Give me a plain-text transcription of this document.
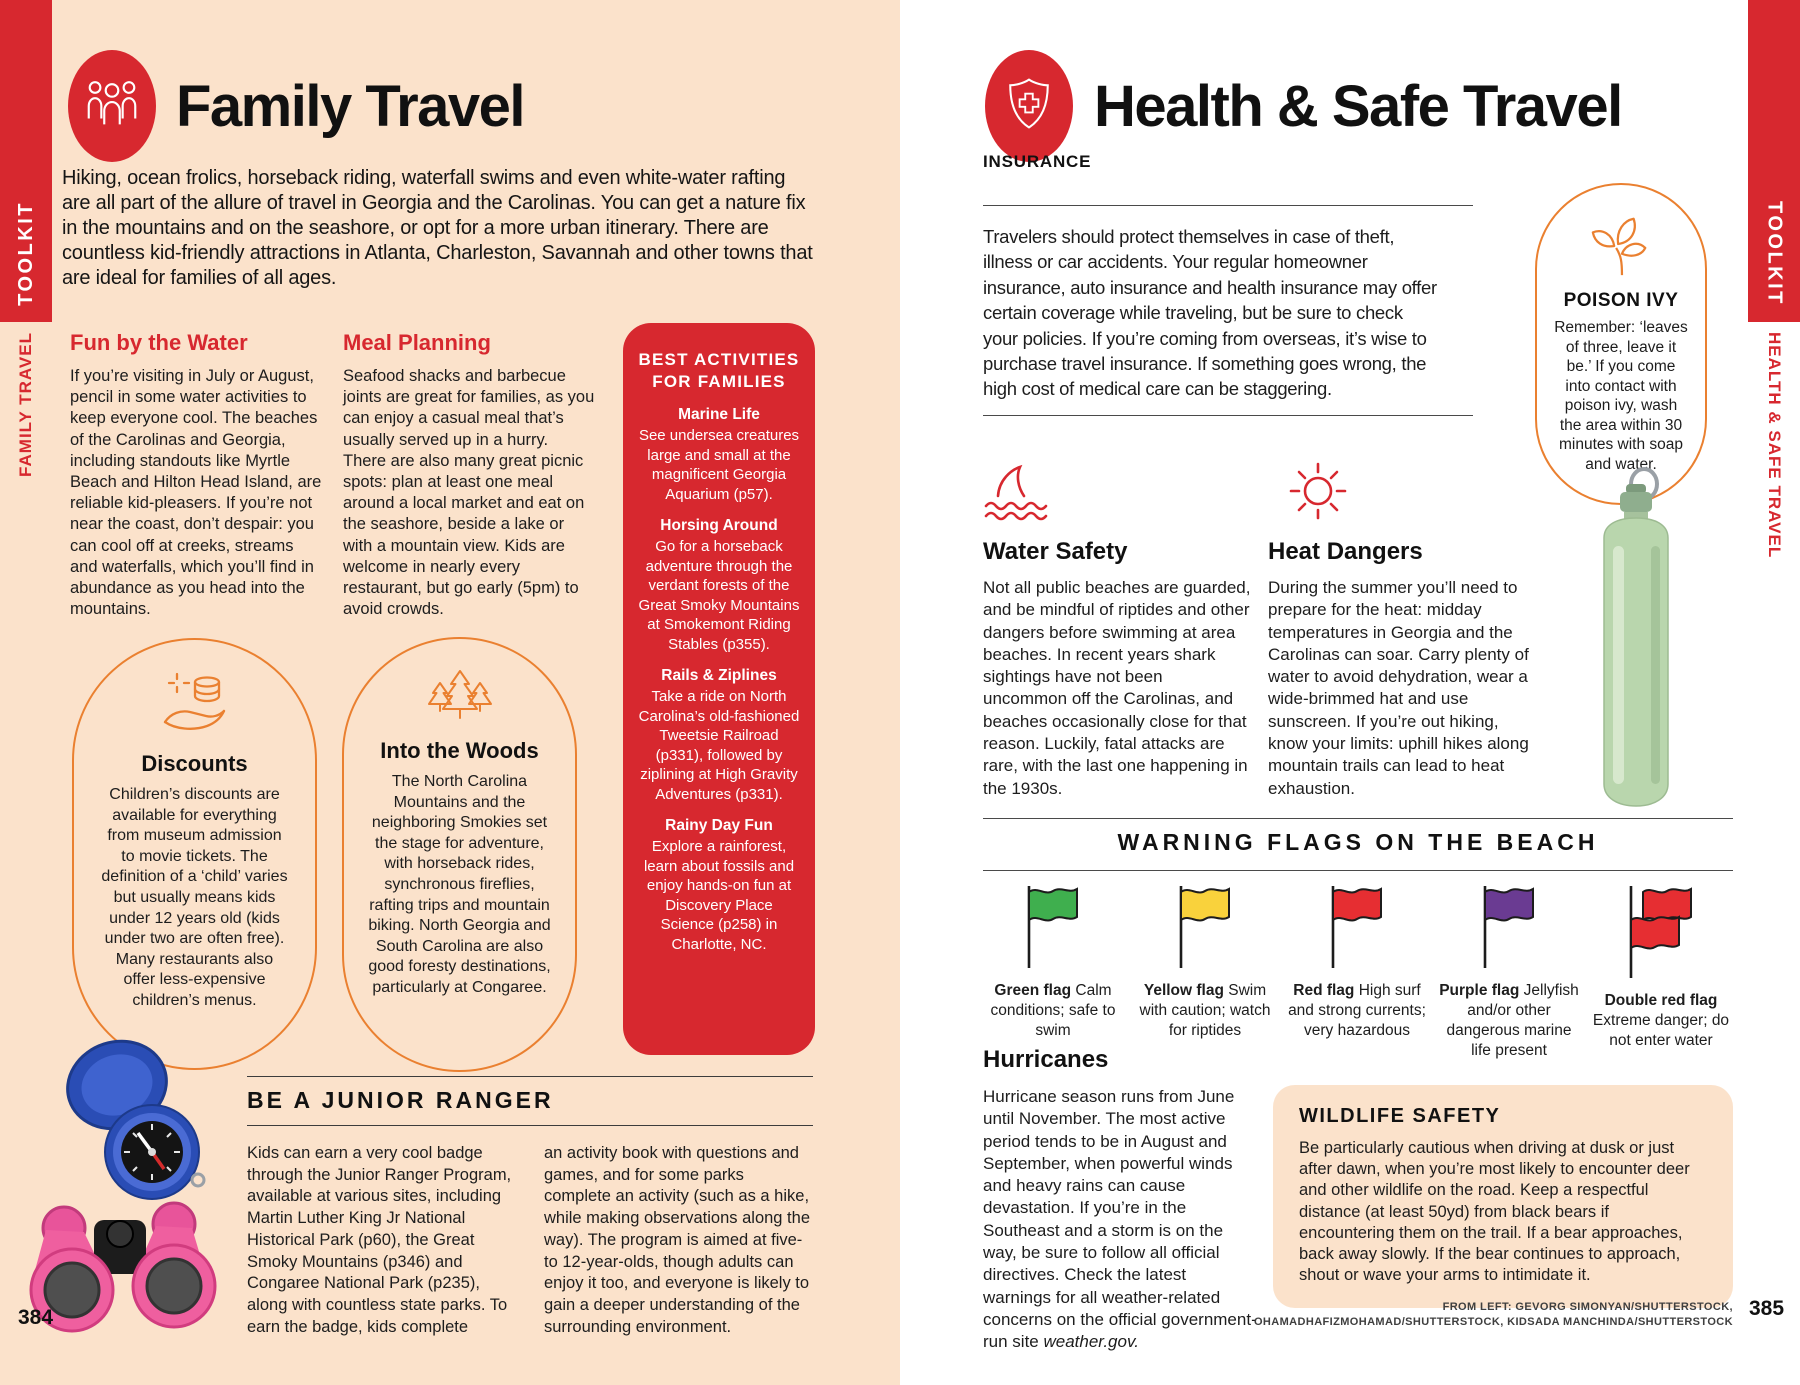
TOOLKIT
FAMILY TRAVEL
Family Travel

Hiking, ocean frolics, horseback riding, waterfall swims and even white-water rafting are all part of the allure of travel in Georgia and the Carolinas. You can get a nature fix in the mountains and on the seashore, or opt for a more urban itinerary. There are countless kid-friendly attractions in Atlanta, Charleston, Savannah and other towns that are ideal for families of all ages.

Fun by the Water

If you’re visiting in July or August, pencil in some water activities to keep everyone cool. The beaches of the Carolinas and Georgia, including standouts like Myrtle Beach and Hilton Head Island, are reliable kid-pleasers. If you’re not near the coast, don’t despair: you can cool off at creeks, streams and waterfalls, which you’ll find in abundance as you head into the mountains.

Meal Planning

Seafood shacks and barbecue joints are great for families, as you can enjoy a casual meal that’s usually served up in a hurry. There are also many great picnic spots: plan at least one meal around a local market and eat on the seashore, beside a lake or with a mountain view. Kids are welcome in nearly every restaurant, but go early (5pm) to avoid crowds.

BEST ACTIVITIES FOR FAMILIES
Marine Life
See undersea creatures large and small at the magnificent Georgia Aquarium (p57).
Horsing Around
Go for a horseback adventure through the verdant forests of the Great Smoky Mountains at Smokemont Riding Stables (p355).
Rails & Ziplines
Take a ride on North Carolina’s old-fashioned Tweetsie Railroad (p331), followed by ziplining at High Gravity Adventures (p331).
Rainy Day Fun
Explore a rainforest, learn about fossils and enjoy hands-on fun at Discovery Place Science (p258) in Charlotte, NC.
Discounts

Children’s discounts are available for everything from museum admission to movie tickets. The definition of a ‘child’ varies but usually means kids under 12 years old (kids under two are often free). Many restaurants also offer less-expensive children’s menus.

Into the Woods

The North Carolina Mountains and the neighboring Smokies set the stage for adventure, with horseback rides, synchronous fireflies, rafting trips and mountain biking. North Georgia and South Carolina are also good foresty destinations, particularly at Congaree.

BE A JUNIOR RANGER

Kids can earn a very cool badge through the Junior Ranger Program, available at various sites, including Martin Luther King Jr National Historical Park (p60), the Great Smoky Mountains (p346) and Congaree National Park (p235), along with countless state parks. To earn the badge, kids complete

an activity book with questions and games, and for some parks complete an activity (such as a hike, while making observations along the way). The program is aimed at five- to 12-year-olds, though adults can enjoy it too, and everyone is likely to gain a deeper understanding of the surrounding environment.

384
TOOLKIT
HEALTH & SAFE TRAVEL
Health & Safe Travel
INSURANCE

Travelers should protect themselves in case of theft, illness or car accidents. Your regular homeowner insurance, auto insurance and health insurance may offer certain coverage while traveling, but be sure to check your policies. If you’re coming from overseas, it’s wise to purchase travel insurance. If something goes wrong, the high cost of medical care can be staggering.

POISON IVY

Remember: ‘leaves of three, leave it be.’ If you come into contact with poison ivy, wash the area within 30 minutes with soap and water.

Water Safety

Not all public beaches are guarded, and be mindful of riptides and other dangers before swimming at area beaches. In recent years shark sightings have not been uncommon off the Carolinas, and beaches occasionally close for that reason. Luckily, fatal attacks are rare, with the last one happening in the 1930s.

Heat Dangers

During the summer you’ll need to prepare for the heat: midday temperatures in Georgia and the Carolinas can soar. Carry plenty of water to avoid dehydration, wear a wide-brimmed hat and use sunscreen. If you’re out hiking, know your limits: uphill hikes along mountain trails can lead to heat exhaustion.

WARNING FLAGS ON THE BEACH
Green flag Calm conditions; safe to swim
Yellow flag Swim with caution; watch for riptides
Red flag High surf and strong currents; very hazardous
Purple flag Jellyfish and/or other dangerous marine life present
Double red flag Extreme danger; do not enter water
Hurricanes

Hurricane season runs from June until November. The most active period tends to be in August and September, when powerful winds and heavy rains can cause devastation. If you’re in the Southeast and a storm is on the way, be sure to follow all official directives. Check the latest warnings for all weather-related concerns on the official government-run site weather.gov.

WILDLIFE SAFETY

Be particularly cautious when driving at dusk or just after dawn, when you’re most likely to encounter deer and other wildlife on the road. Keep a respectful distance (at least 50yd) from black bears if encountering them on the trail. If a bear approaches, back away slowly. If the bear continues to approach, shout or wave your arms to intimidate it.

FROM LEFT: GEVORG SIMONYAN/SHUTTERSTOCK,
OHAMADHAFIZMOHAMAD/SHUTTERSTOCK, KIDSADA MANCHINDA/SHUTTERSTOCK
385
